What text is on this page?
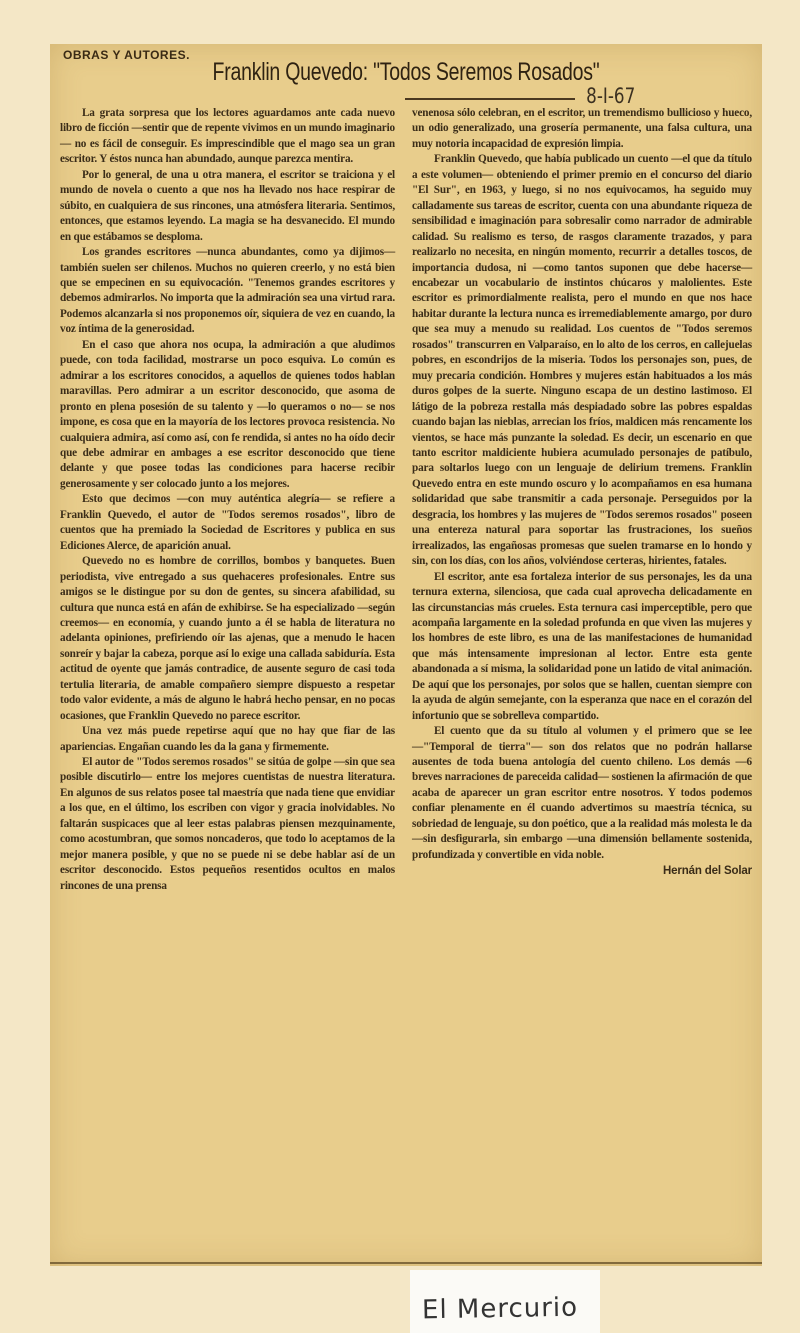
OBRAS Y AUTORES.
Franklin Quevedo: "Todos Seremos Rosados"
8-I-67

La grata sorpresa que los lectores aguardamos ante cada nuevo libro de ficción —sentir que de repente vivimos en un mundo imaginario— no es fácil de conseguir. Es imprescindible que el mago sea un gran escritor. Y éstos nunca han abundado, aunque parezca mentira.

Por lo general, de una u otra manera, el escritor se traiciona y el mundo de novela o cuento a que nos ha llevado nos hace respirar de súbito, en cualquiera de sus rincones, una atmósfera literaria. Sentimos, entonces, que estamos leyendo. La magia se ha desvanecido. El mundo en que estábamos se desploma.

Los grandes escritores —nunca abundantes, como ya dijimos— también suelen ser chilenos. Muchos no quieren creerlo, y no está bien que se empecinen en su equivocación. "Tenemos grandes escritores y debemos admirarlos. No importa que la admiración sea una virtud rara. Podemos alcanzarla si nos proponemos oír, siquiera de vez en cuando, la voz íntima de la generosidad.

En el caso que ahora nos ocupa, la admiración a que aludimos puede, con toda facilidad, mostrarse un poco esquiva. Lo común es admirar a los escritores conocidos, a aquellos de quienes todos hablan maravillas. Pero admirar a un escritor desconocido, que asoma de pronto en plena posesión de su talento y —lo queramos o no— se nos impone, es cosa que en la mayoría de los lectores provoca resistencia. No cualquiera admira, así como así, con fe rendida, si antes no ha oído decir que debe admirar en ambages a ese escritor desconocido que tiene delante y que posee todas las condiciones para hacerse recibir generosamente y ser colocado junto a los mejores.

Esto que decimos —con muy auténtica alegría— se refiere a Franklin Quevedo, el autor de "Todos seremos rosados", libro de cuentos que ha premiado la Sociedad de Escritores y publica en sus Ediciones Alerce, de aparición anual.

Quevedo no es hombre de corrillos, bombos y banquetes. Buen periodista, vive entregado a sus quehaceres profesionales. Entre sus amigos se le distingue por su don de gentes, su sincera afabilidad, su cultura que nunca está en afán de exhibirse. Se ha especializado —según creemos— en economía, y cuando junto a él se habla de literatura no adelanta opiniones, prefiriendo oír las ajenas, que a menudo le hacen sonreír y bajar la cabeza, porque así lo exige una callada sabiduría. Esta actitud de oyente que jamás contradice, de ausente seguro de casi toda tertulia literaria, de amable compañero siempre dispuesto a respetar todo valor evidente, a más de alguno le habrá hecho pensar, en no pocas ocasiones, que Franklin Quevedo no parece escritor.

Una vez más puede repetirse aquí que no hay que fiar de las apariencias. Engañan cuando les da la gana y firmemente.

El autor de "Todos seremos rosados" se sitúa de golpe —sin que sea posible discutirlo— entre los mejores cuentistas de nuestra literatura. En algunos de sus relatos posee tal maestría que nada tiene que envidiar a los que, en el último, los escriben con vigor y gracia inolvidables. No faltarán suspicaces que al leer estas palabras piensen mezquinamente, como acostumbran, que somos noncaderos, que todo lo aceptamos de la mejor manera posible, y que no se puede ni se debe hablar así de un escritor desconocido. Estos pequeños resentidos ocultos en malos rincones de una prensa

venenosa sólo celebran, en el escritor, un tremendismo bullicioso y hueco, un odio generalizado, una grosería permanente, una falsa cultura, una muy notoria incapacidad de expresión limpia.

Franklin Quevedo, que había publicado un cuento —el que da título a este volumen— obteniendo el primer premio en el concurso del diario "El Sur", en 1963, y luego, si no nos equivocamos, ha seguido muy calladamente sus tareas de escritor, cuenta con una abundante riqueza de sensibilidad e imaginación para sobresalir como narrador de admirable calidad. Su realismo es terso, de rasgos claramente trazados, y para realizarlo no necesita, en ningún momento, recurrir a detalles toscos, de importancia dudosa, ni —como tantos suponen que debe hacerse— encabezar un vocabulario de instintos chúcaros y malolientes. Este escritor es primordialmente realista, pero el mundo en que nos hace habitar durante la lectura nunca es irremediablemente amargo, por duro que sea muy a menudo su realidad. Los cuentos de "Todos seremos rosados" transcurren en Valparaíso, en lo alto de los cerros, en callejuelas pobres, en escondrijos de la miseria. Todos los personajes son, pues, de muy precaria condición. Hombres y mujeres están habituados a los más duros golpes de la suerte. Ninguno escapa de un destino lastimoso. El látigo de la pobreza restalla más despiadado sobre las pobres espaldas cuando bajan las nieblas, arrecian los fríos, maldicen más rencamente los vientos, se hace más punzante la soledad. Es decir, un escenario en que tanto escritor maldiciente hubiera acumulado personajes de patíbulo, para soltarlos luego con un lenguaje de delirium tremens. Franklin Quevedo entra en este mundo oscuro y lo acompañamos en esa humana solidaridad que sabe transmitir a cada personaje. Perseguidos por la desgracia, los hombres y las mujeres de "Todos seremos rosados" poseen una entereza natural para soportar las frustraciones, los sueños irrealizados, las engañosas promesas que suelen tramarse en lo hondo y sin, con los días, con los años, volviéndose certeras, hirientes, fatales.

El escritor, ante esa fortaleza interior de sus personajes, les da una ternura externa, silenciosa, que cada cual aprovecha delicadamente en las circunstancias más crueles. Esta ternura casi imperceptible, pero que acompaña largamente en la soledad profunda en que viven las mujeres y los hombres de este libro, es una de las manifestaciones de humanidad que más intensamente impresionan al lector. Entre esta gente abandonada a sí misma, la solidaridad pone un latido de vital animación. De aquí que los personajes, por solos que se hallen, cuentan siempre con la ayuda de algún semejante, con la esperanza que nace en el corazón del infortunio que se sobrelleva compartido.

El cuento que da su título al volumen y el primero que se lee —"Temporal de tierra"— son dos relatos que no podrán hallarse ausentes de toda buena antología del cuento chileno. Los demás —6 breves narraciones de pareceida calidad— sostienen la afirmación de que acaba de aparecer un gran escritor entre nosotros. Y todos podemos confiar plenamente en él cuando advertimos su maestría técnica, su sobriedad de lenguaje, su don poético, que a la realidad más molesta le da —sin desfigurarla, sin embargo —una dimensión bellamente sostenida, profundizada y convertible en vida noble.

Hernán del Solar
El Mercurio
